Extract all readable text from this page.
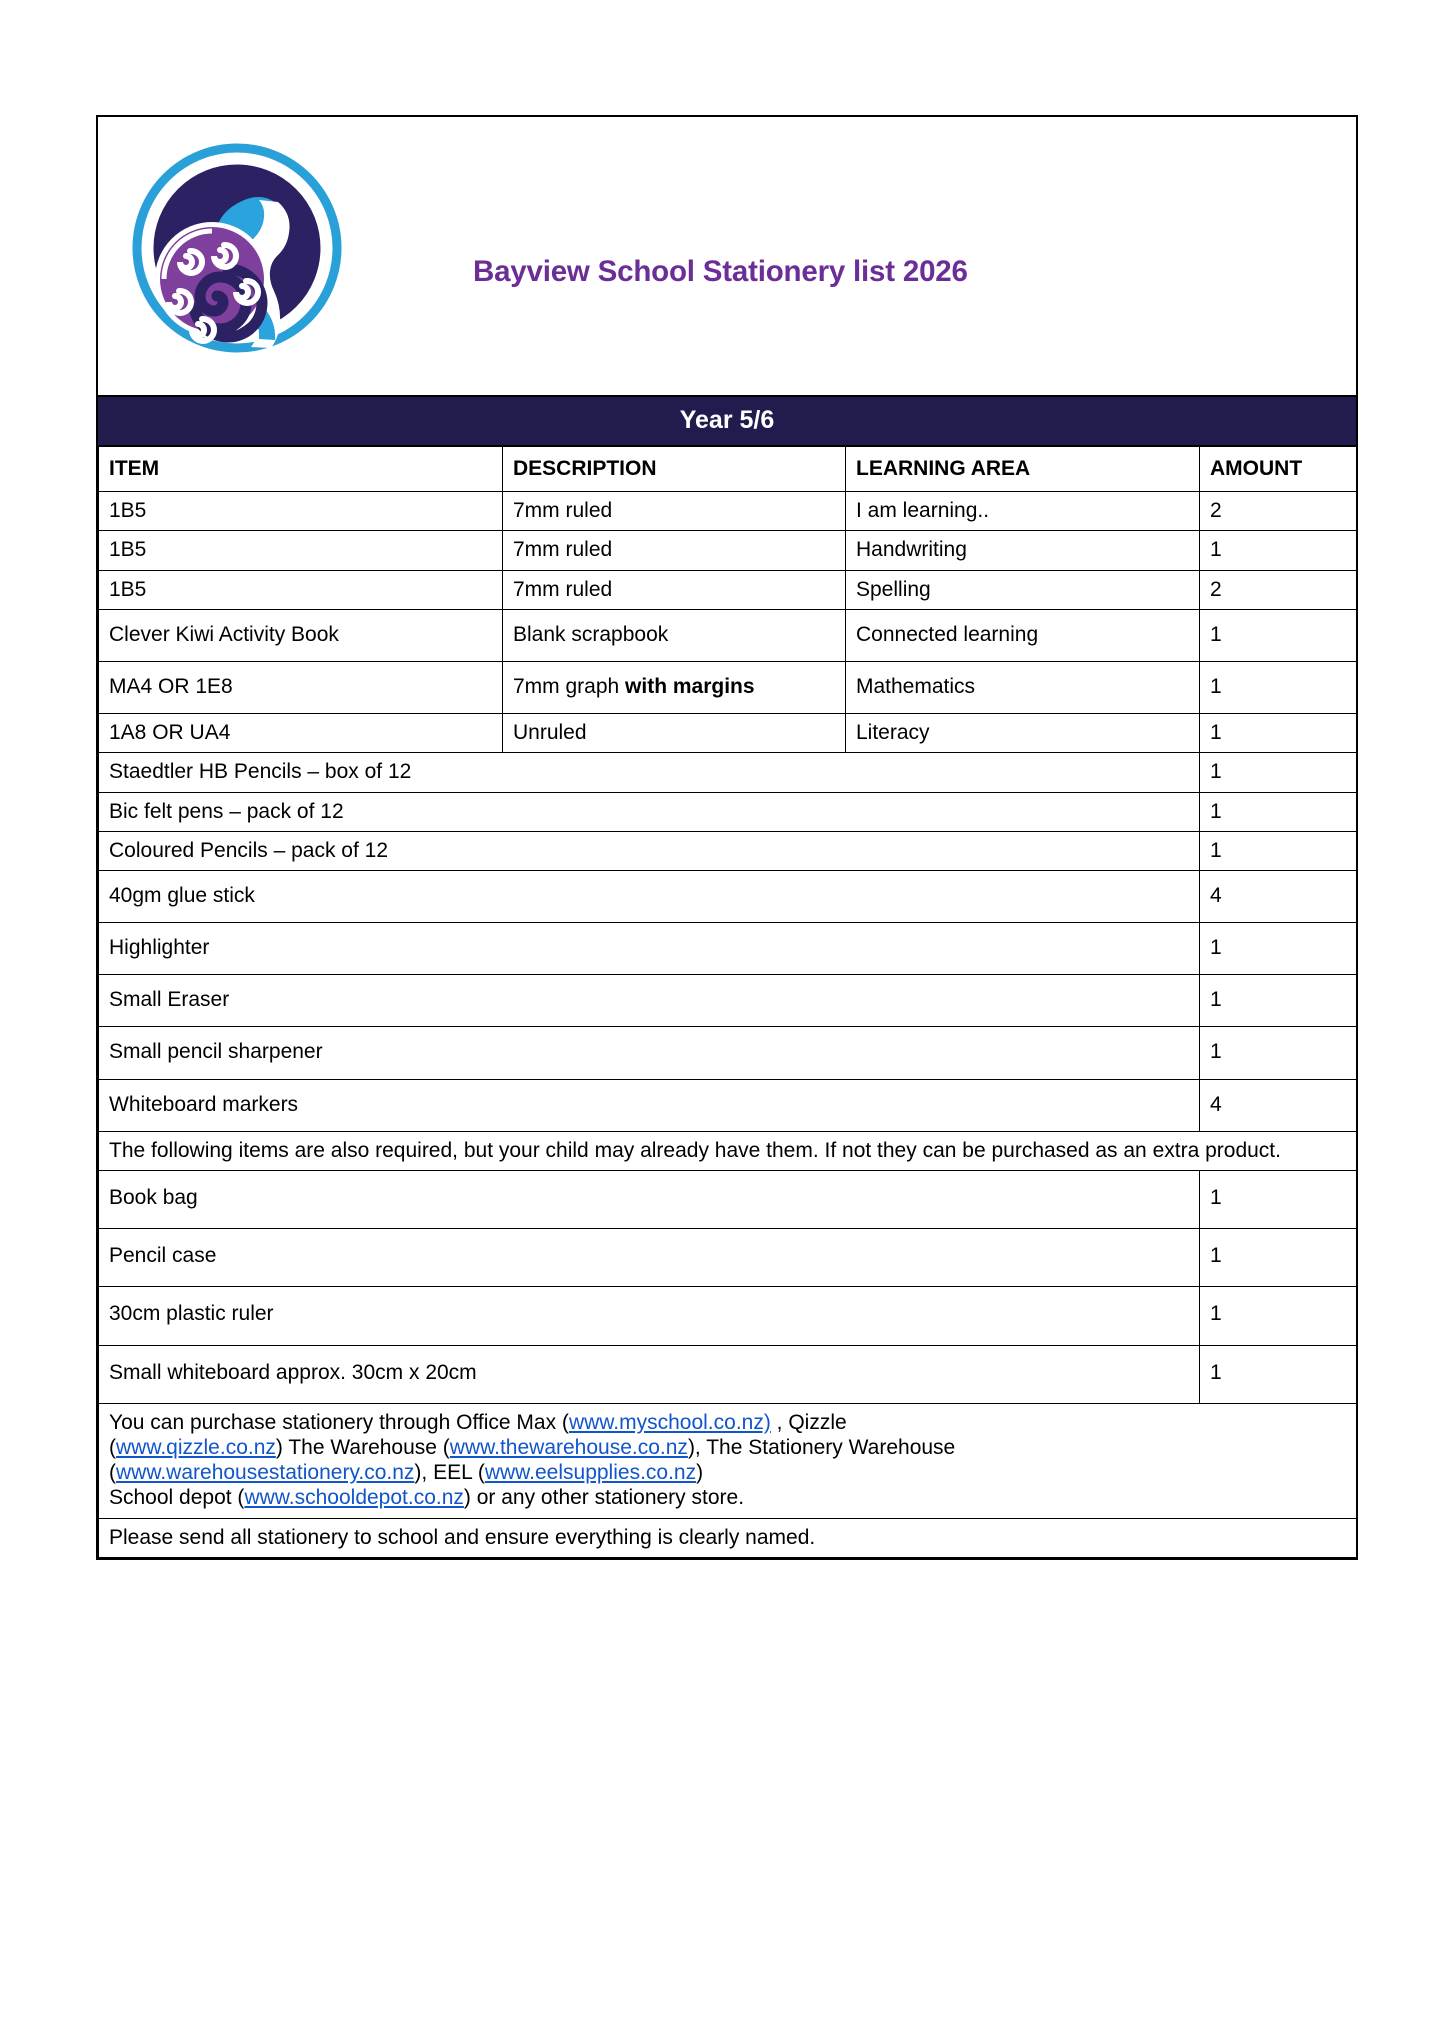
Bayview School Stationery list 2026
Year 5/6
ITEM	DESCRIPTION	LEARNING AREA	AMOUNT
1B5	7mm ruled	I am learning..	2
1B5	7mm ruled	Handwriting	1
1B5	7mm ruled	Spelling	2
Clever Kiwi Activity Book	Blank scrapbook	Connected learning	1
MA4 OR 1E8	7mm graph with margins	Mathematics	1
1A8 OR UA4	Unruled	Literacy	1
Staedtler HB Pencils – box of 12			1
Bic felt pens – pack of 12			1
Coloured Pencils – pack of 12			1
40gm glue stick			4
Highlighter			1
Small Eraser			1
Small pencil sharpener			1
Whiteboard markers			4
The following items are also required, but your child may already have them. If not they can be purchased as an extra product.			
Book bag			1
Pencil case			1
30cm plastic ruler			1
Small whiteboard approx. 30cm x 20cm			1
You can purchase stationery through Office Max (www.myschool.co.nz) , Qizzle
(www.qizzle.co.nz) The Warehouse (www.thewarehouse.co.nz), The Stationery Warehouse
(www.warehousestationery.co.nz), EEL (www.eelsupplies.co.nz)
School depot (www.schooldepot.co.nz) or any other stationery store.			
Please send all stationery to school and ensure everything is clearly named.			
